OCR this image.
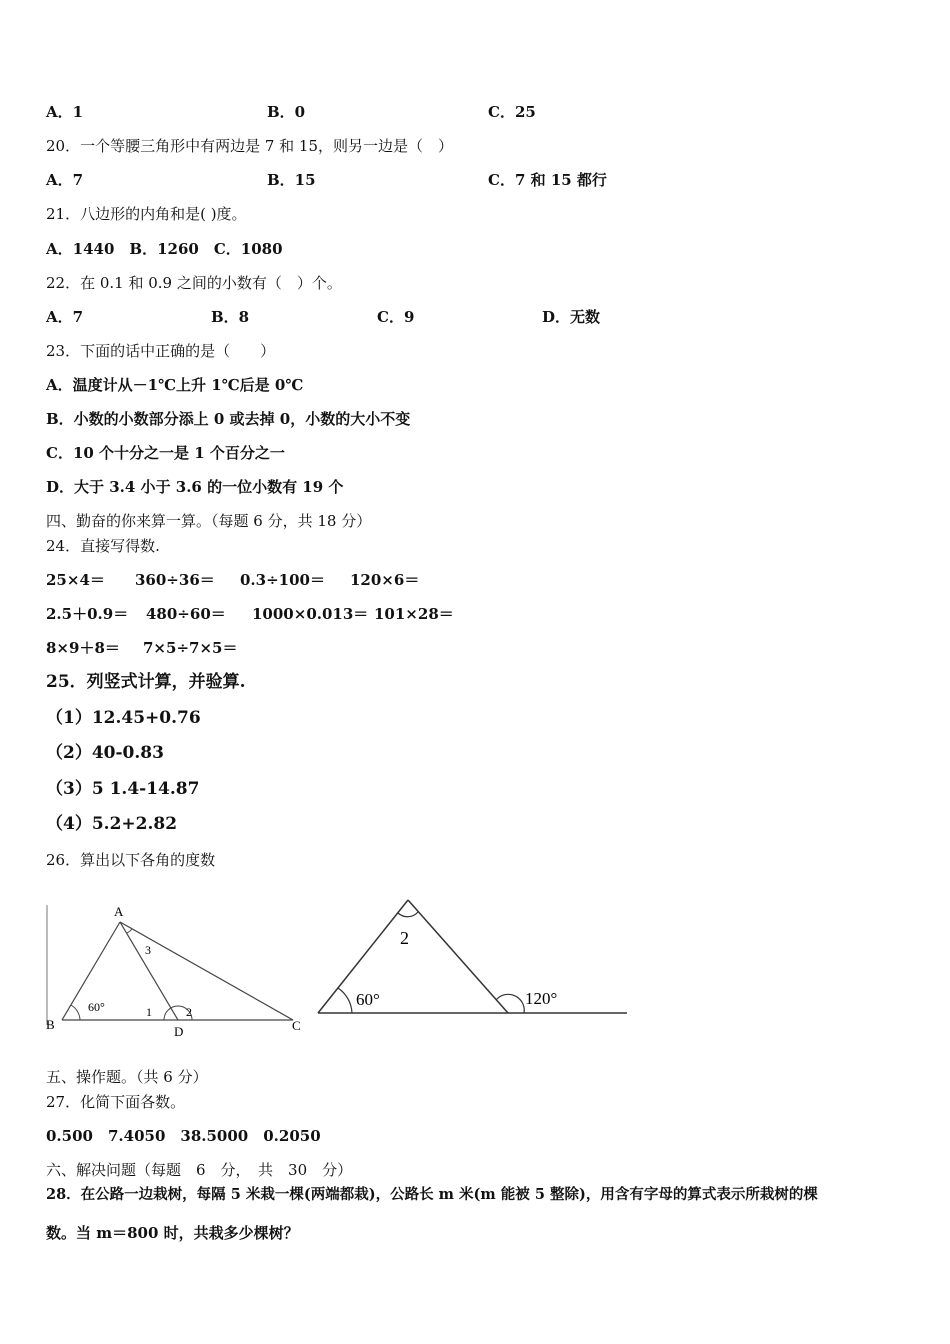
A．1	B．0	C．25
20．一个等腰三角形中有两边是 7 和 15，则另一边是（　）
A．7	B．15	C．7 和 15 都行
21．八边形的内角和是( )度。
A．1440　B．1260　C．1080
22．在 0.1 和 0.9 之间的小数有（　）个。
A．7	B．8	C．9	D．无数
23．下面的话中正确的是（　　）
A．温度计从－1℃上升 1℃后是 0℃
B．小数的小数部分添上 0 或去掉 0，小数的大小不变
C．10 个十分之一是 1 个百分之一
D．大于 3.4 小于 3.6 的一位小数有 19 个
四、勤奋的你来算一算。（每题 6 分，共 18 分）
24．直接写得数.
25×4＝ 360÷36＝ 0.3÷100＝ 120×6＝
2.5＋0.9＝ 480÷60＝ 1000×0.013＝ 101×28＝
8×9＋8＝ 7×5÷7×5＝
25．列竖式计算，并验算.
（1）12.45+0.76
（2）40-0.83
（3）5 1.4-14.87
（4）5.2+2.82
26．算出以下各角的度数
A
B	C
D
60°	1	2
3
2
60°	120°
五、操作题。（共 6 分）
27．化简下面各数。
0.500　7.4050　38.5000　0.2050
六、解决问题（每题　6　分，　共　30　分）
28．在公路一边栽树，每隔 5 米栽一棵(两端都栽)，公路长 m 米(m 能被 5 整除)，用含有字母的算式表示所栽树的棵
数。当 m＝800 时，共栽多少棵树？
